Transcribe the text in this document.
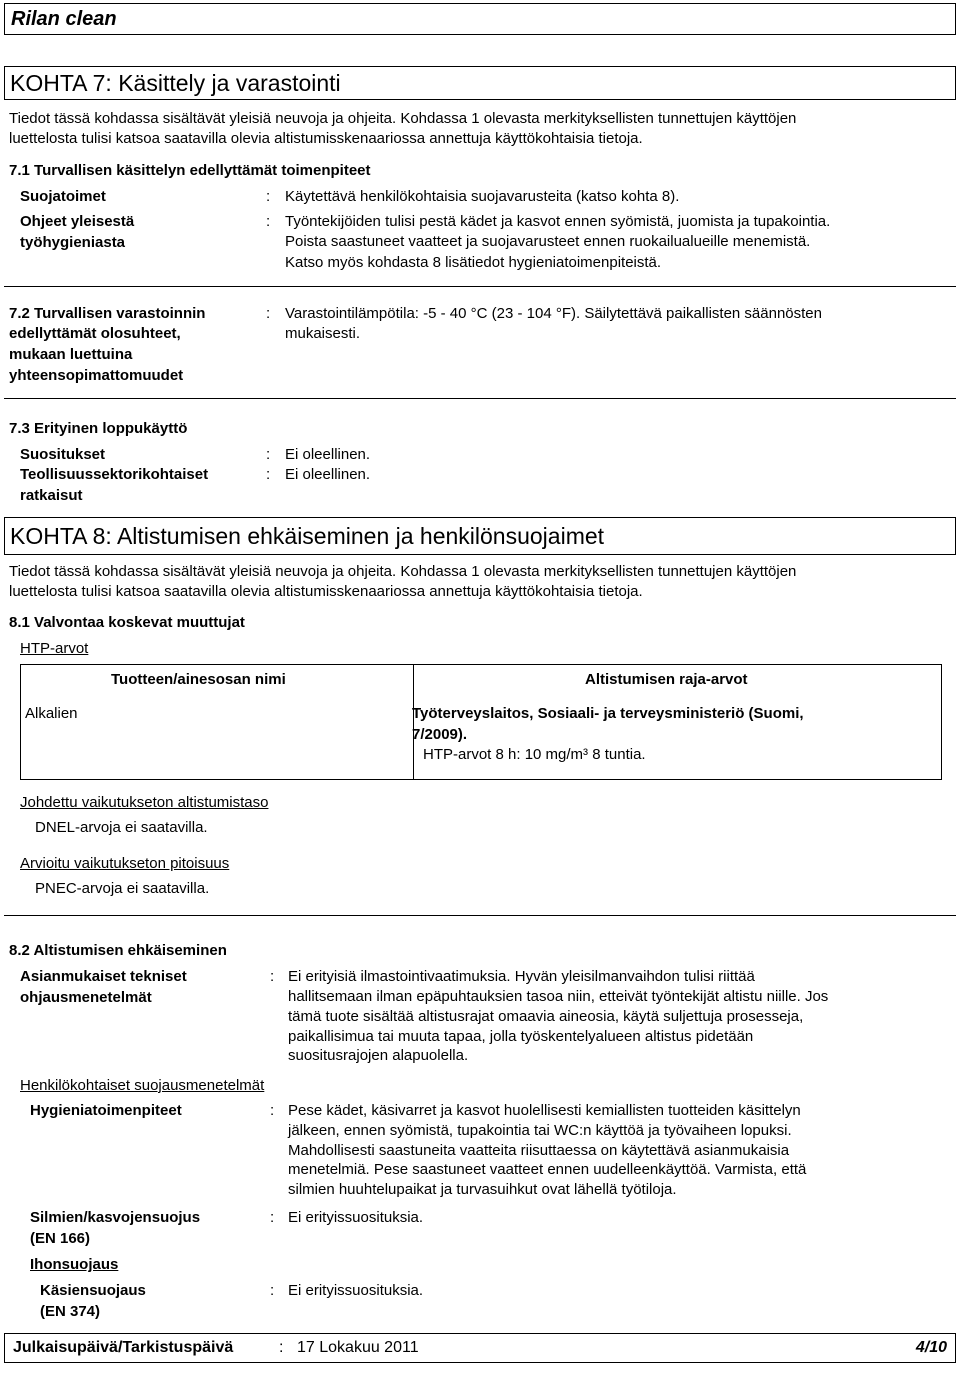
Rilan clean
KOHTA 7: Käsittely ja varastointi
Tiedot tässä kohdassa sisältävät yleisiä neuvoja ja ohjeita. Kohdassa 1 olevasta merkityksellisten tunnettujen käyttöjen
luettelosta tulisi katsoa saatavilla olevia altistumisskenaariossa annettuja käyttökohtaisia tietoja.
7.1 Turvallisen käsittelyn edellyttämät toimenpiteet
Suojatoimet	: Käytettävä henkilökohtaisia suojavarusteita (katso kohta 8).
Ohjeet yleisestä
työhygieniasta
: Työntekijöiden tulisi pestä kädet ja kasvot ennen syömistä, juomista ja tupakointia.
Poista saastuneet vaatteet ja suojavarusteet ennen ruokailualueille menemistä.
Katso myös kohdasta 8 lisätiedot hygieniatoimenpiteistä.
7.2 Turvallisen varastoinnin
edellyttämät olosuhteet,
mukaan luettuina
yhteensopimattomuudet
: Varastointilämpötila: -5 - 40 °C (23 - 104 °F). Säilytettävä paikallisten säännösten
mukaisesti.
7.3 Erityinen loppukäyttö
Suositukset	: Ei oleellinen.
Teollisuussektorikohtaiset
ratkaisut
: Ei oleellinen.
KOHTA 8: Altistumisen ehkäiseminen ja henkilönsuojaimet
Tiedot tässä kohdassa sisältävät yleisiä neuvoja ja ohjeita. Kohdassa 1 olevasta merkityksellisten tunnettujen käyttöjen
luettelosta tulisi katsoa saatavilla olevia altistumisskenaariossa annettuja käyttökohtaisia tietoja.
8.1 Valvontaa koskevat muuttujat
HTP-arvot
Tuotteen/ainesosan nimi	Altistumisen raja-arvot
Alkalien	Työterveyslaitos, Sosiaali- ja terveysministeriö (Suomi,
7/2009).
HTP-arvot 8 h: 10 mg/m³ 8 tuntia.
Johdettu vaikutukseton altistumistaso
DNEL-arvoja ei saatavilla.
Arvioitu vaikutukseton pitoisuus
PNEC-arvoja ei saatavilla.
8.2 Altistumisen ehkäiseminen
Asianmukaiset tekniset
ohjausmenetelmät
: Ei erityisiä ilmastointivaatimuksia. Hyvän yleisilmanvaihdon tulisi riittää
hallitsemaan ilman epäpuhtauksien tasoa niin, etteivät työntekijät altistu niille. Jos
tämä tuote sisältää altistusrajat omaavia aineosia, käytä suljettuja prosesseja,
paikallisimua tai muuta tapaa, jolla työskentelyalueen altistus pidetään
suositusrajojen alapuolella.
Henkilökohtaiset suojausmenetelmät
Hygieniatoimenpiteet	: Pese kädet, käsivarret ja kasvot huolellisesti kemiallisten tuotteiden käsittelyn
jälkeen, ennen syömistä, tupakointia tai WC:n käyttöä ja työvaiheen lopuksi.
Mahdollisesti saastuneita vaatteita riisuttaessa on käytettävä asianmukaisia
menetelmiä. Pese saastuneet vaatteet ennen uudelleenkäyttöä. Varmista, että
silmien huuhtelupaikat ja turvasuihkut ovat lähellä työtiloja.
Silmien/kasvojensuojus
(EN 166)
: Ei erityissuosituksia.
Ihonsuojaus
Käsiensuojaus
(EN 374)
: Ei erityissuosituksia.
Julkaisupäivä/Tarkistuspäivä	: 17 Lokakuu 2011	4/10
